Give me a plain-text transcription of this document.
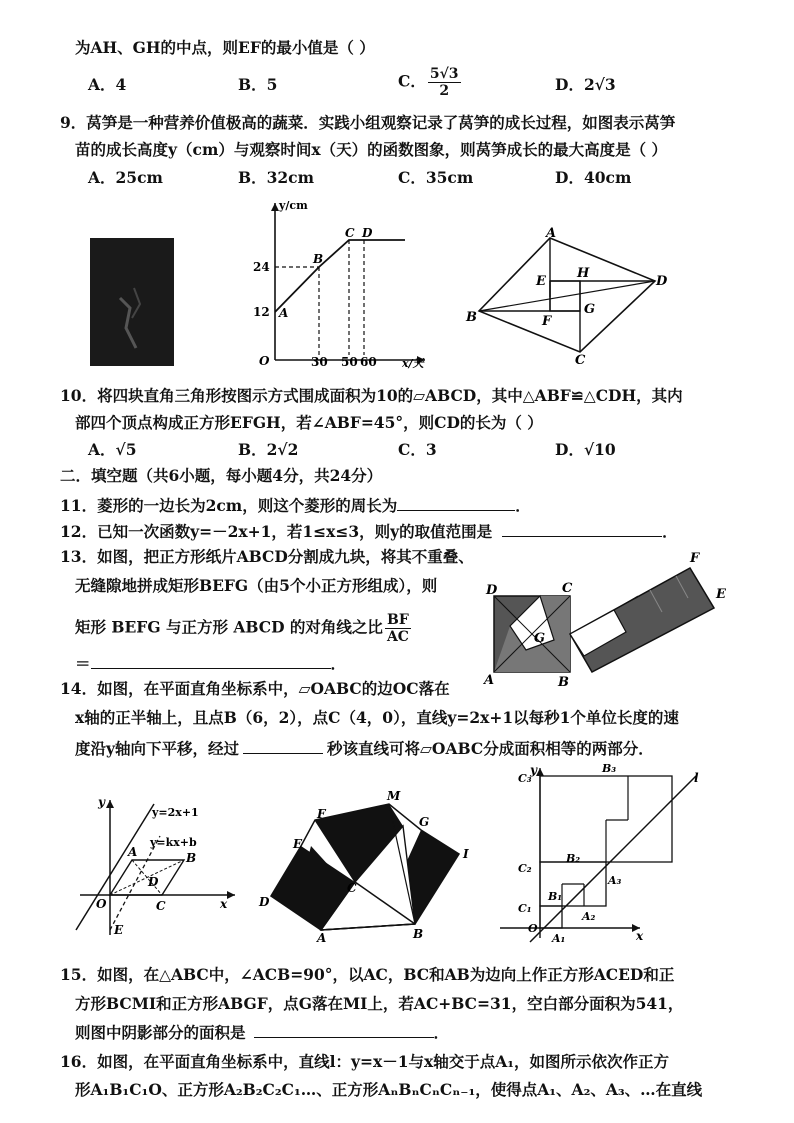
为AH、GH的中点，则EF的最小值是（ ）
A．4	B．5	C． $\frac{5√3}{2}$	D．2√3
9．莴笋是一种营养价值极高的蔬菜．实践小组观察记录了莴笋的成长过程，如图表示莴笋
苗的成长高度y（cm）与观察时间x（天）的函数图象，则莴笋成长的最大高度是（ ）
A．25cm	B．32cm	C．35cm	D．40cm
y/cm
x/天
O
24
12
30 50 60
A
B
C D	A
B
C
D
E
F
G
H
10．将四块直角三角形按图示方式围成面积为10的▱ABCD，其中△ABF≌△CDH，其内
部四个顶点构成正方形EFGH，若∠ABF=45°，则CD的长为（ ）
A．√5	B．2√2	C．3	D．√10
二．填空题（共6小题，每小题4分，共24分）
11．菱形的一边长为2cm，则这个菱形的周长为	．
12．已知一次函数y=－2x+1，若1≤x≤3，则y的取值范围是	．
13．如图，把正方形纸片ABCD分割成九块，将其不重叠、
无缝隙地拼成矩形BEFG（由5个小正方形组成），则
矩形 BEFG 与正方形 ABCD 的对角线之比 $\frac{BF}{AC}$
＝	．
D	C
A	B
G
F
E
14．如图，在平面直角坐标系中，▱OABC的边OC落在
x轴的正半轴上，且点B（6，2），点C（4，0），直线y=2x+1以每秒1个单位长度的速
度沿y轴向下平移，经过	秒该直线可将▱OABC分成面积相等的两部分．
y
x
O
y=2x+1
y=kx+b
A	B
C
D
E
F
M
G
I
E
D
C
A	B
y
x
O
l
C₁
C₂
C₃
A₁
A₂
A₃
B₁
B₂
B₃
15．如图，在△ABC中，∠ACB=90°，以AC，BC和AB为边向上作正方形ACED和正
方形BCMI和正方形ABGF，点G落在MI上，若AC+BC=31，空白部分面积为541，
则图中阴影部分的面积是	．
16．如图，在平面直角坐标系中，直线l：y=x－1与x轴交于点A₁，如图所示依次作正方
形A₁B₁C₁O、正方形A₂B₂C₂C₁…、正方形AₙBₙCₙCₙ₋₁，使得点A₁、A₂、A₃、…在直线
